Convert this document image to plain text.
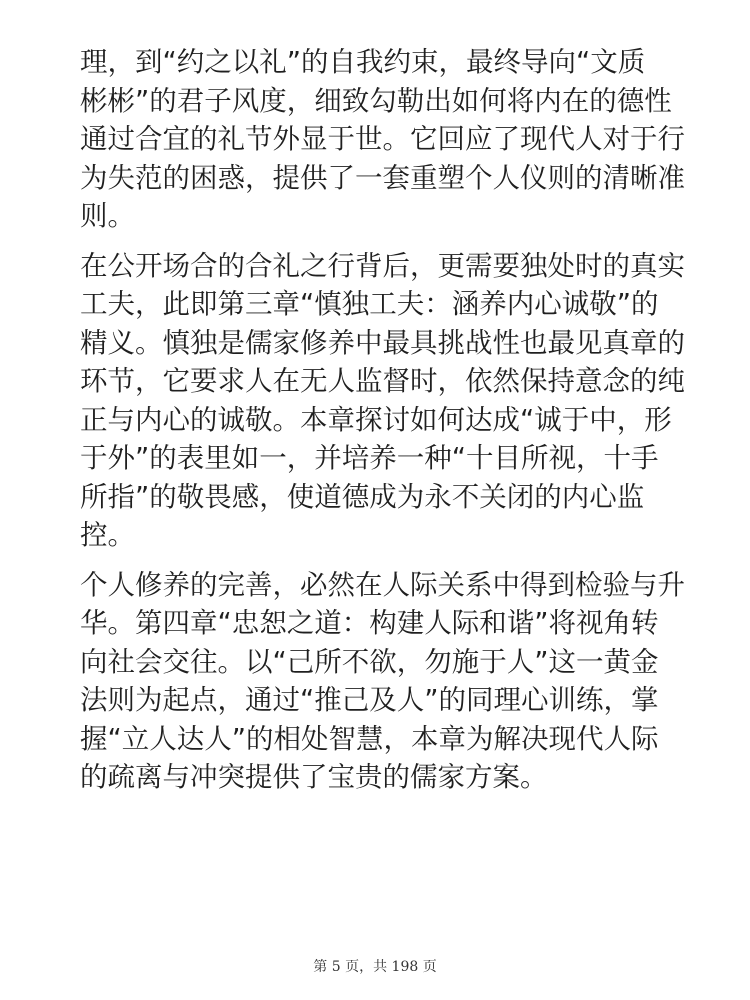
理，到“约之以礼”的自我约束，最终导向“文质
彬彬”的君子风度，细致勾勒出如何将内在的德性
通过合宜的礼节外显于世。它回应了现代人对于行
为失范的困惑，提供了一套重塑个人仪则的清晰准
则。

在公开场合的合礼之行背后，更需要独处时的真实
工夫，此即第三章“慎独工夫：涵养内心诚敬”的
精义。慎独是儒家修养中最具挑战性也最见真章的
环节，它要求人在无人监督时，依然保持意念的纯
正与内心的诚敬。本章探讨如何达成“诚于中，形
于外”的表里如一，并培养一种“十目所视，十手
所指”的敬畏感，使道德成为永不关闭的内心监
控。

个人修养的完善，必然在人际关系中得到检验与升
华。第四章“忠恕之道：构建人际和谐”将视角转
向社会交往。以“己所不欲，勿施于人”这一黄金
法则为起点，通过“推己及人”的同理心训练，掌
握“立人达人”的相处智慧，本章为解决现代人际
的疏离与冲突提供了宝贵的儒家方案。

第 5 页，共 198 页
